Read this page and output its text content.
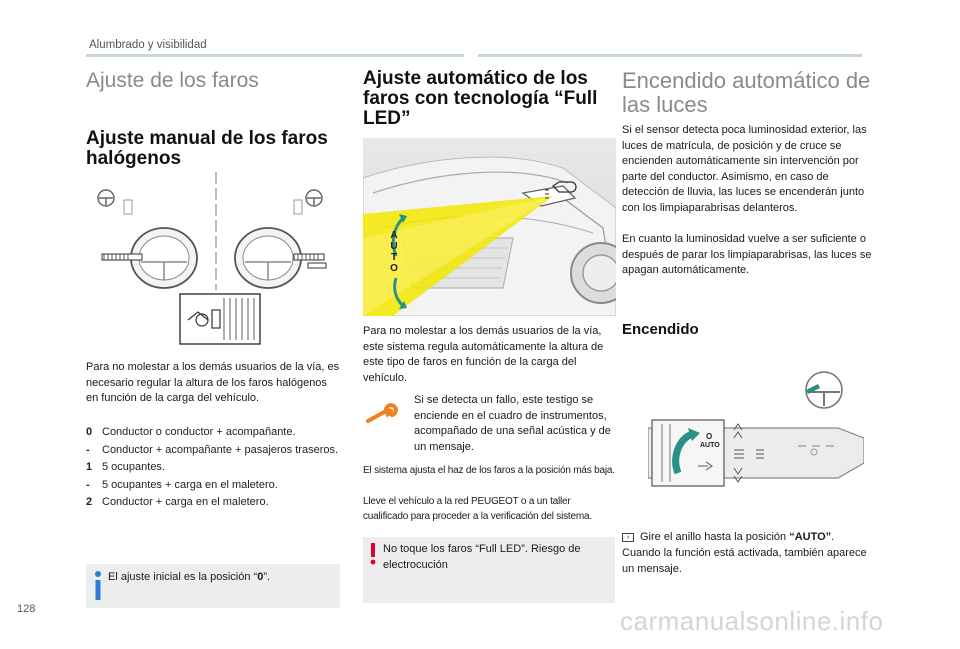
Alumbrado y visibilidad
Ajuste de los faros
Ajuste manual de los faros halógenos
Para no molestar a los demás usuarios de la vía, es necesario regular la altura de los faros halógenos en función de la carga del vehículo.
0 Conductor o conductor + acompañante.
-	Conductor + acompañante + pasajeros traseros.
1 5 ocupantes.
-	5 ocupantes + carga en el maletero.
2 Conductor + carga en el maletero.
El ajuste inicial es la posición “0”.
Ajuste automático de los faros con tecnología “Full LED”
A
U
T
O
Para no molestar a los demás usuarios de la vía, este sistema regula automáticamente la altura de este tipo de faros en función de la carga del vehículo.
Si se detecta un fallo, este testigo se enciende en el cuadro de instrumentos, acompañado de una señal acústica y de un mensaje.
El sistema ajusta el haz de los faros a la posición más baja.
Lleve el vehículo a la red PEUGEOT o a un taller cualificado para proceder a la verificación del sistema.
No toque los faros “Full LED”. Riesgo de electrocución
Encendido automático de las luces
Si el sensor detecta poca luminosidad exterior, las luces de matrícula, de posición y de cruce se encienden automáticamente sin intervención por parte del conductor. Asimismo, en caso de detección de lluvia, las luces se encenderán junto con los limpiaparabrisas delanteros.
En cuanto la luminosidad vuelve a ser suficiente o después de parar los limpiaparabrisas, las luces se apagan automáticamente.
Encendido
O
AUTO
› Gire el anillo hasta la posición “AUTO”.
Cuando la función está activada, también aparece un mensaje.
128	carmanualsonline.info
